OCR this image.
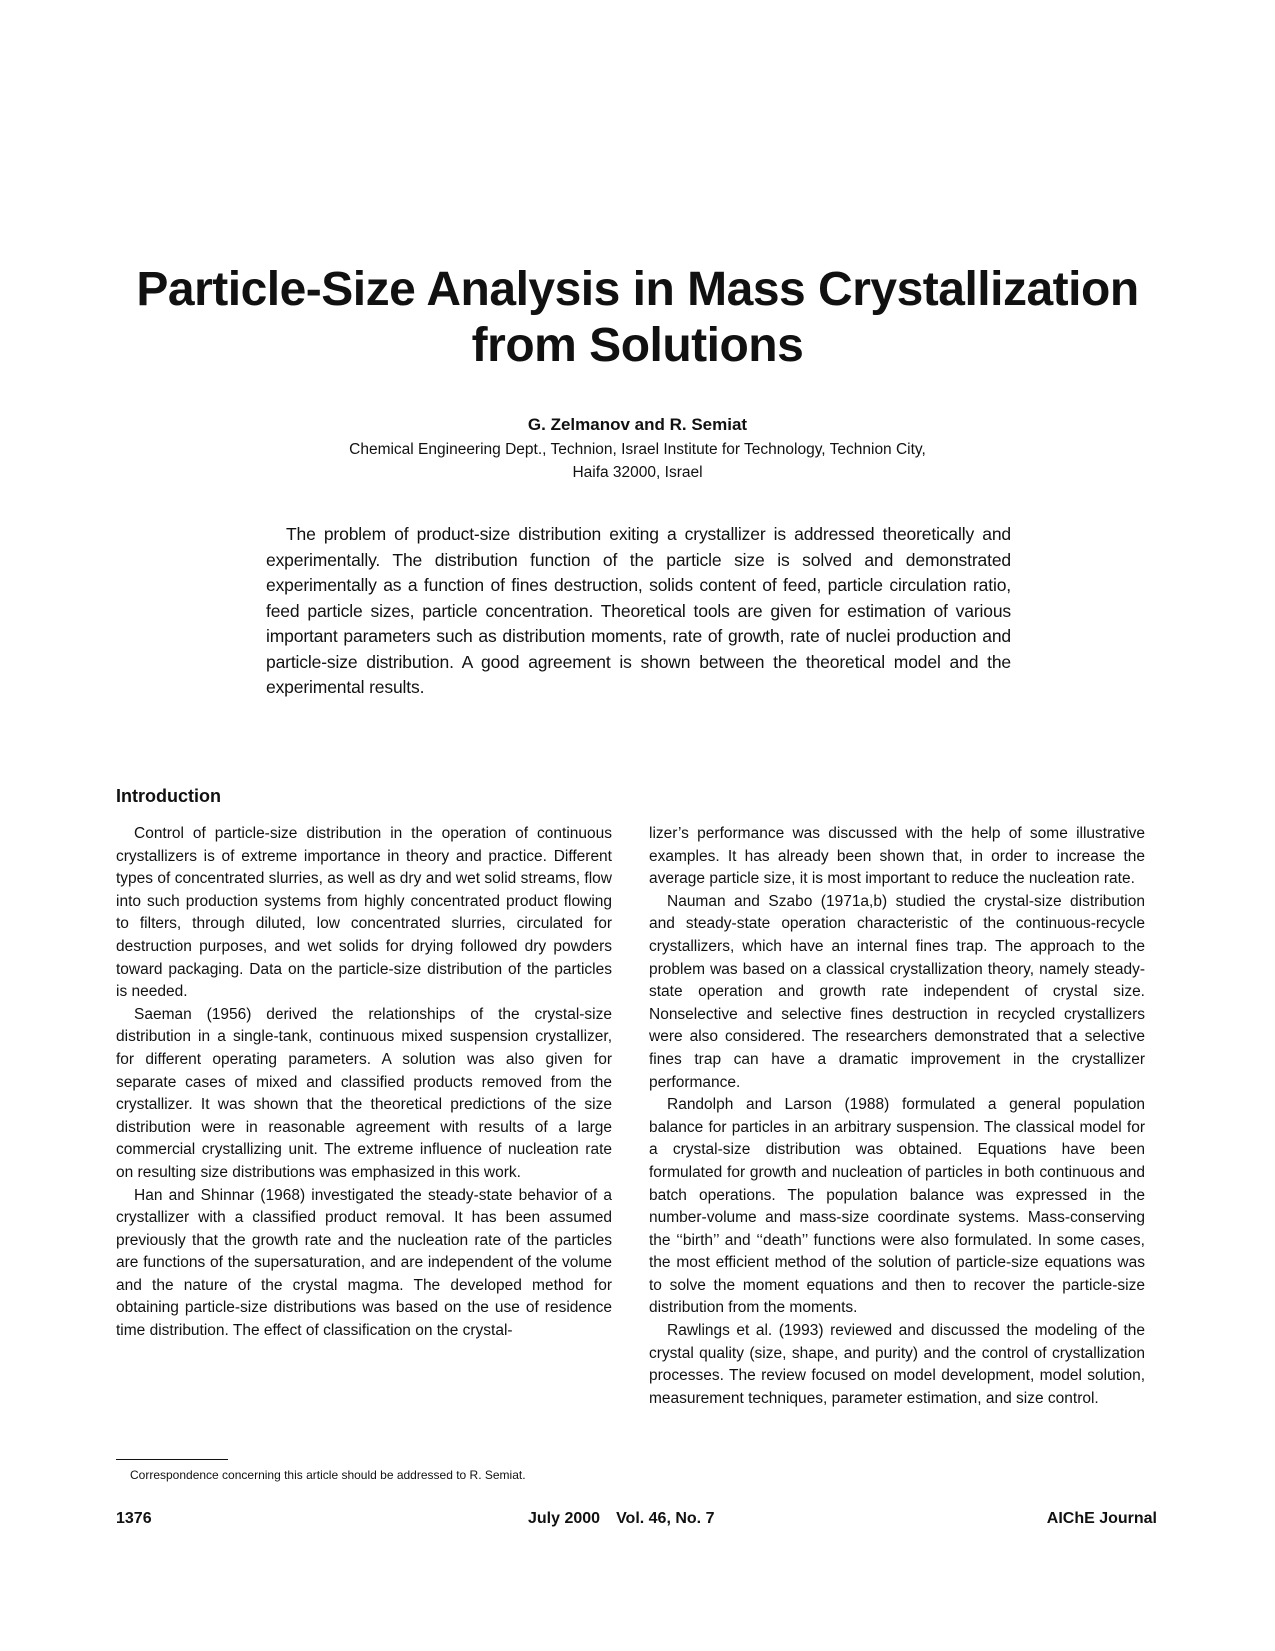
Particle-Size Analysis in Mass Crystallization
from Solutions
G. Zelmanov and R. Semiat
Chemical Engineering Dept., Technion, Israel Institute for Technology, Technion City,
Haifa 32000, Israel

The problem of product-size distribution exiting a crystallizer is addressed theoretically and experimentally. The distribution function of the particle size is solved and demonstrated experimentally as a function of fines destruction, solids content of feed, particle circulation ratio, feed particle sizes, particle concentration. Theoretical tools are given for estimation of various important parameters such as distribution moments, rate of growth, rate of nuclei production and particle-size distribution. A good agreement is shown between the theoretical model and the experimental results.

Introduction

Control of particle-size distribution in the operation of continuous crystallizers is of extreme importance in theory and practice. Different types of concentrated slurries, as well as dry and wet solid streams, flow into such production systems from highly concentrated product flowing to filters, through diluted, low concentrated slurries, circulated for destruction purposes, and wet solids for drying followed dry powders toward packaging. Data on the particle-size distribution of the particles is needed.

Saeman (1956) derived the relationships of the crystal-size distribution in a single-tank, continuous mixed suspension crystallizer, for different operating parameters. A solution was also given for separate cases of mixed and classified products removed from the crystallizer. It was shown that the theoretical predictions of the size distribution were in reasonable agreement with results of a large commercial crystallizing unit. The extreme influence of nucleation rate on resulting size distributions was emphasized in this work.

Han and Shinnar (1968) investigated the steady-state behavior of a crystallizer with a classified product removal. It has been assumed previously that the growth rate and the nucleation rate of the particles are functions of the supersaturation, and are independent of the volume and the nature of the crystal magma. The developed method for obtaining particle-size distributions was based on the use of residence time distribution. The effect of classification on the crystal-

lizer’s performance was discussed with the help of some illustrative examples. It has already been shown that, in order to increase the average particle size, it is most important to reduce the nucleation rate.

Nauman and Szabo (1971a,b) studied the crystal-size distribution and steady-state operation characteristic of the continuous-recycle crystallizers, which have an internal fines trap. The approach to the problem was based on a classical crystallization theory, namely steady-state operation and growth rate independent of crystal size. Nonselective and selective fines destruction in recycled crystallizers were also considered. The researchers demonstrated that a selective fines trap can have a dramatic improvement in the crystallizer performance.

Randolph and Larson (1988) formulated a general population balance for particles in an arbitrary suspension. The classical model for a crystal-size distribution was obtained. Equations have been formulated for growth and nucleation of particles in both continuous and batch operations. The population balance was expressed in the number-volume and mass-size coordinate systems. Mass-conserving the ‘‘birth’’ and ‘‘death’’ functions were also formulated. In some cases, the most efficient method of the solution of particle-size equations was to solve the moment equations and then to recover the particle-size distribution from the moments.

Rawlings et al. (1993) reviewed and discussed the modeling of the crystal quality (size, shape, and purity) and the control of crystallization processes. The review focused on model development, model solution, measurement techniques, parameter estimation, and size control.

Correspondence concerning this article should be addressed to R. Semiat.
1376	July 2000 Vol. 46, No. 7	AIChE Journal
